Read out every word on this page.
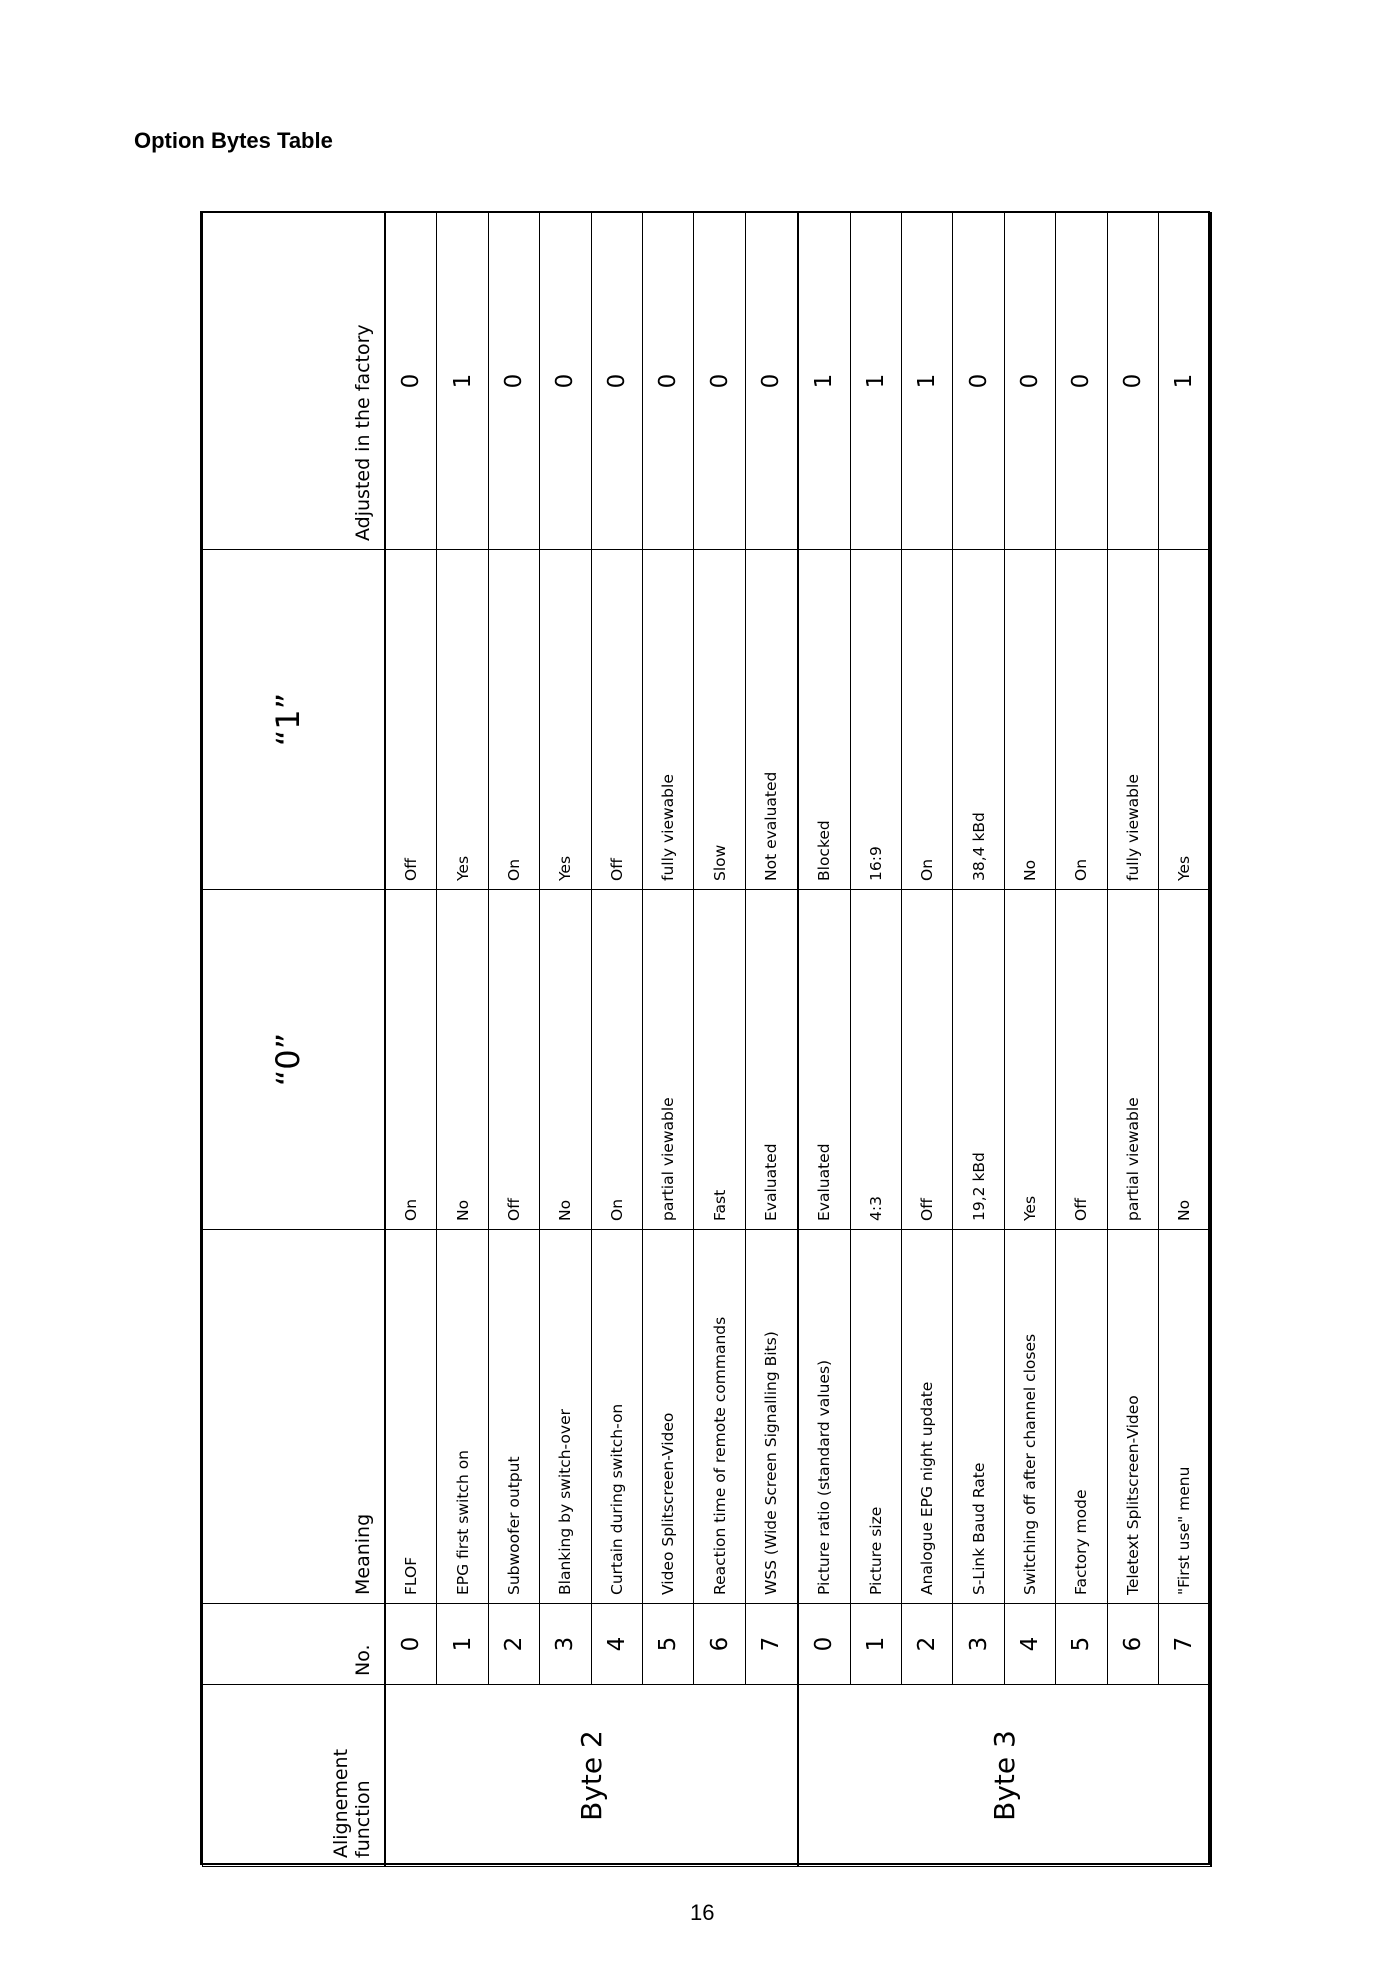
Option Bytes Table
Alignement function	No.	Meaning	“0”	“1”	Adjusted in the factory
Byte 2	0	FLOF	On	Off	0
	1	EPG first switch on	No	Yes	1
	2	Subwoofer output	Off	On	0
	3	Blanking by switch-over	No	Yes	0
	4	Curtain during switch-on	On	Off	0
	5	Video Splitscreen-Video	partial viewable	fully viewable	0
	6	Reaction time of remote commands	Fast	Slow	0
	7	WSS (Wide Screen Signalling Bits)	Evaluated	Not evaluated	0
Byte 3	0	Picture ratio (standard values)	Evaluated	Blocked	1
	1	Picture size	4:3	16:9	1
	2	Analogue EPG night update	Off	On	1
	3	S-Link Baud Rate	19,2 kBd	38,4 kBd	0
	4	Switching off after channel closes	Yes	No	0
	5	Factory mode	Off	On	0
	6	Teletext Splitscreen-Video	partial viewable	fully viewable	0
	7	"First use" menu	No	Yes	1
16
